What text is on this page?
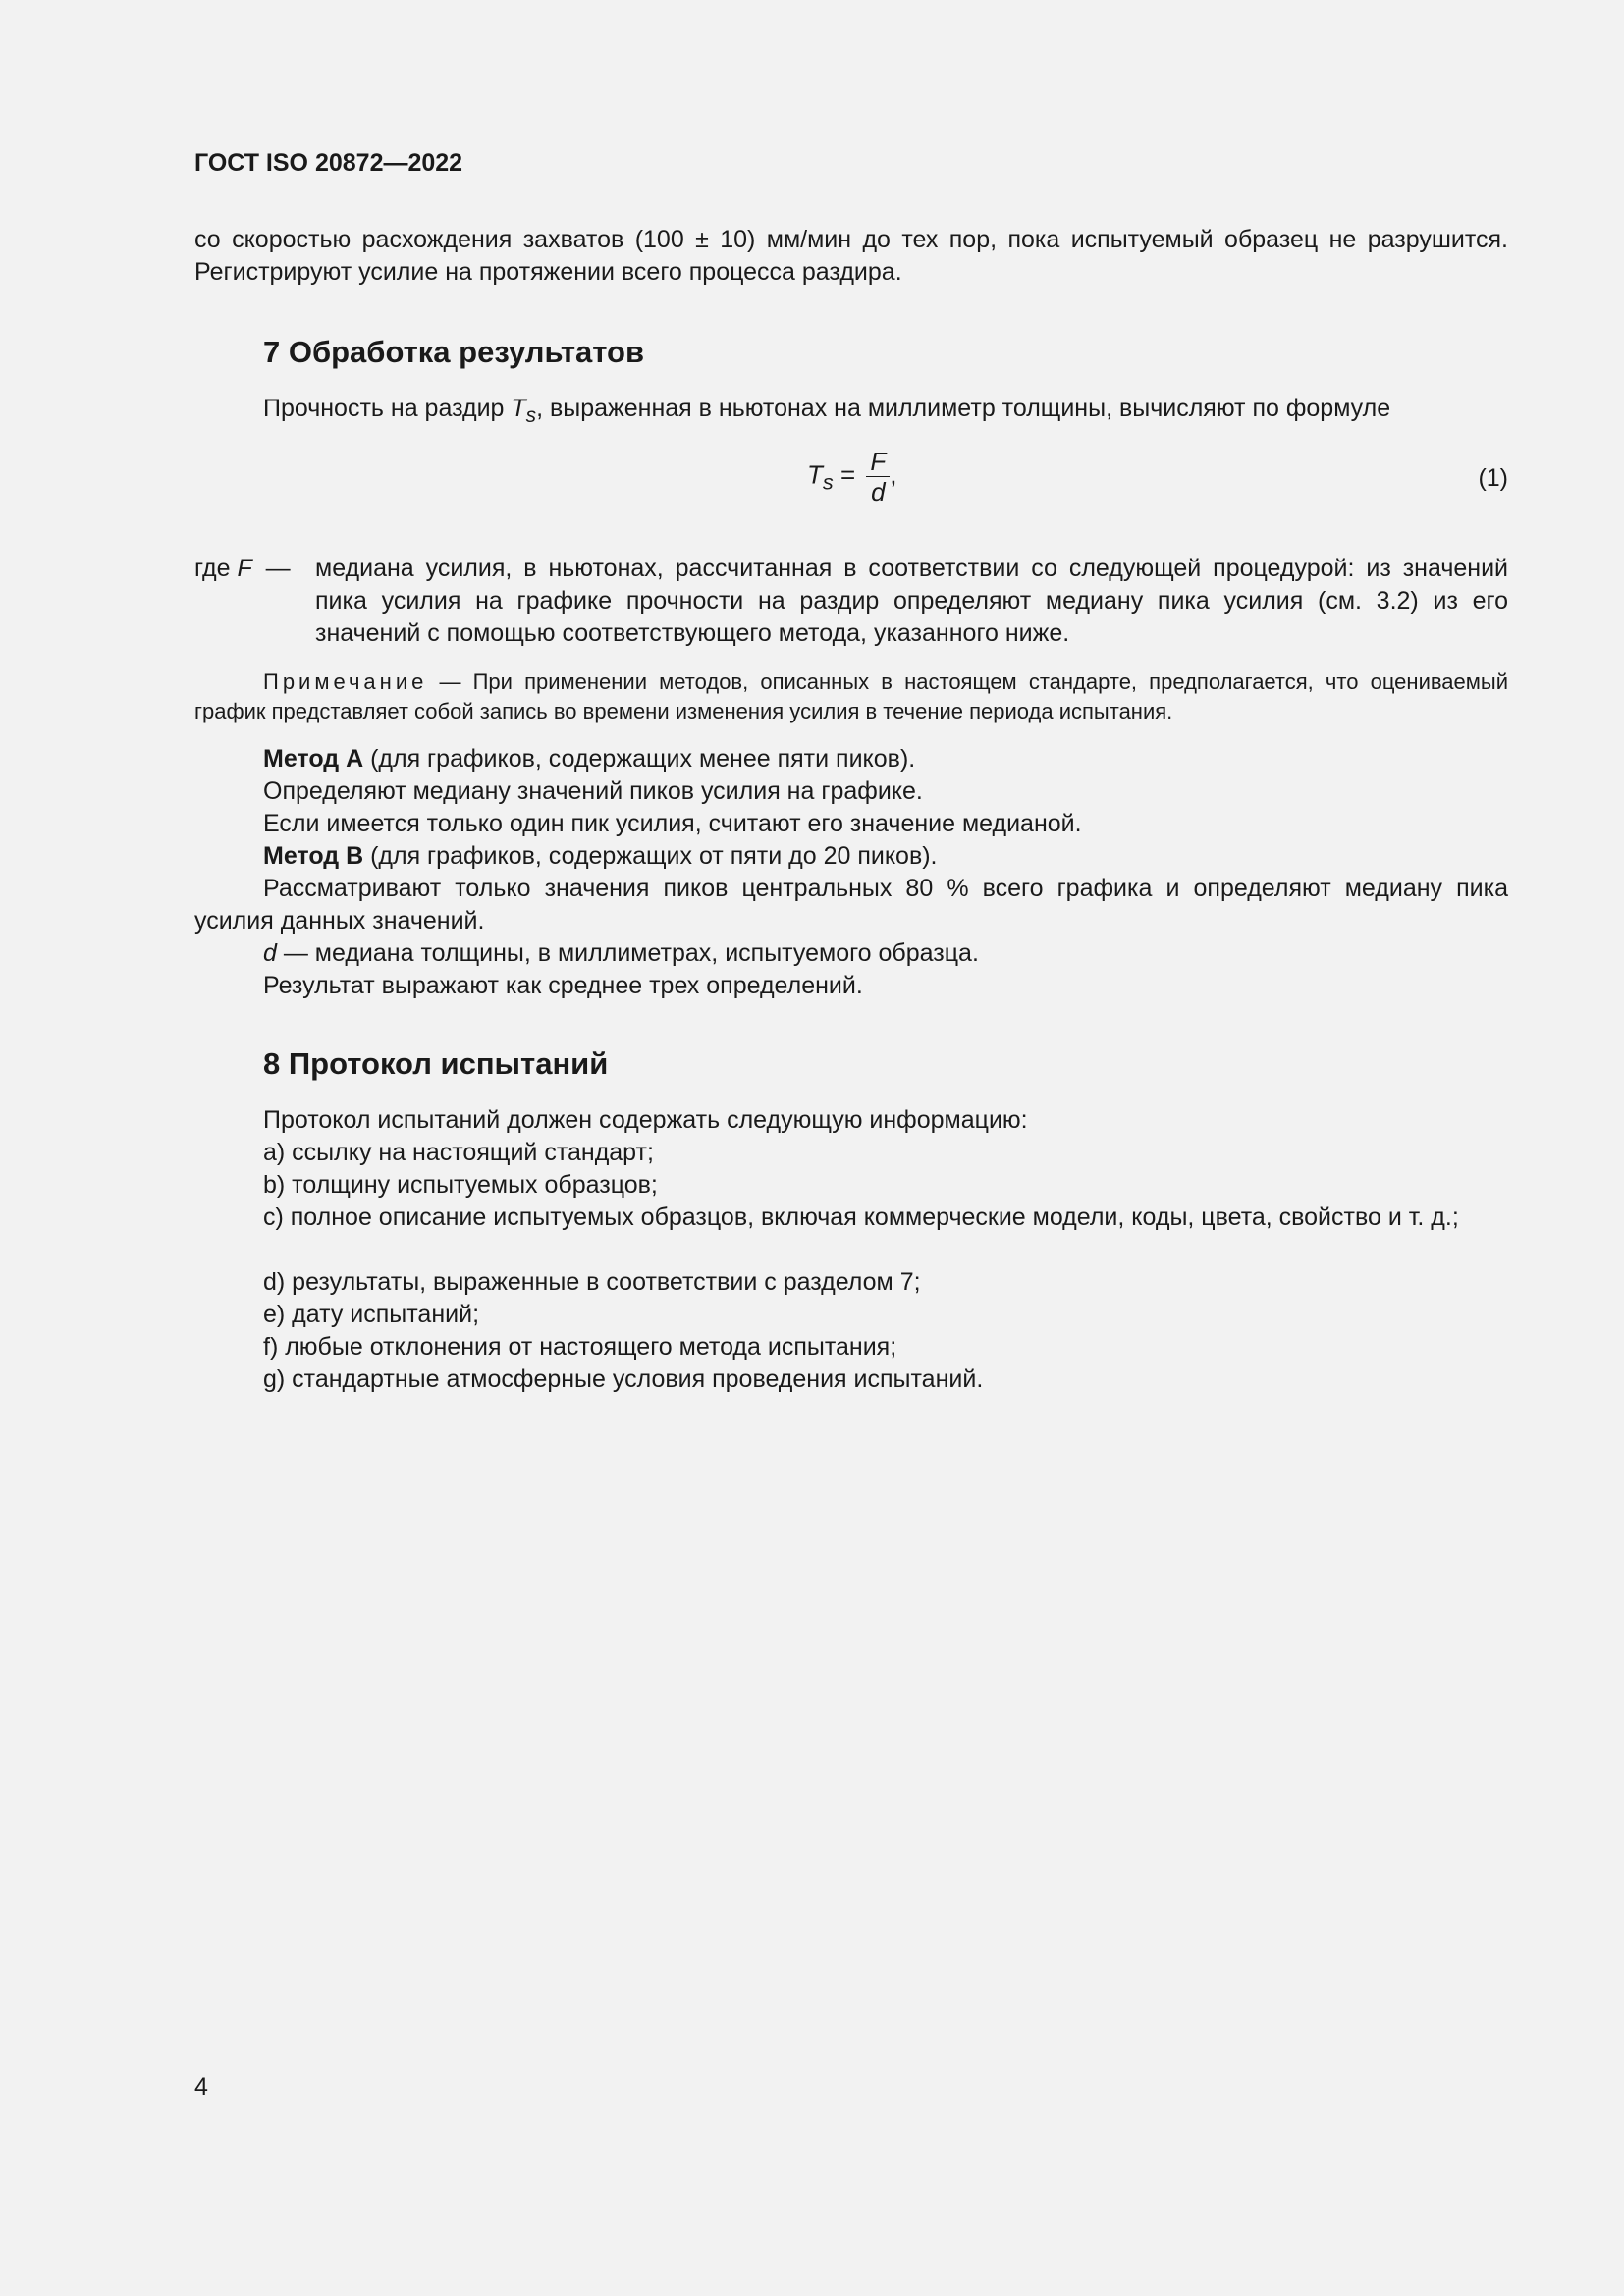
ГОСТ ISO 20872—2022
со скоростью расхождения захватов (100 ± 10) мм/мин до тех пор, пока испытуемый образец не разрушится. Регистрируют усилие на протяжении всего процесса раздира.
7 Обработка результатов
Прочность на раздир $T_s$, выраженная в ньютонах на миллиметр толщины, вычисляют по формуле
$T_s = \frac{F}{d}$ ,	(1)
где F  — медиана усилия, в ньютонах, рассчитанная в соответствии со следующей процедурой: из значений пика усилия на графике прочности на раздир определяют медиану пика усилия (см. 3.2) из его значений с помощью соответствующего метода, указанного ниже.
Примечание — При применении методов, описанных в настоящем стандарте, предполагается, что оцениваемый график представляет собой запись во времени изменения усилия в течение периода испытания.
Метод А (для графиков, содержащих менее пяти пиков).
Определяют медиану значений пиков усилия на графике.
Если имеется только один пик усилия, считают его значение медианой.
Метод В (для графиков, содержащих от пяти до 20 пиков).
Рассматривают только значения пиков центральных 80 % всего графика и определяют медиану пика усилия данных значений.
d — медиана толщины, в миллиметрах, испытуемого образца.
Результат выражают как среднее трех определений.
8 Протокол испытаний
Протокол испытаний должен содержать следующую информацию:
a) ссылку на настоящий стандарт;
b) толщину испытуемых образцов;
c) полное описание испытуемых образцов, включая коммерческие модели, коды, цвета, свойство и т. д.;
d) результаты, выраженные в соответствии с разделом 7;
e) дату испытаний;
f) любые отклонения от настоящего метода испытания;
g) стандартные атмосферные условия проведения испытаний.
4
